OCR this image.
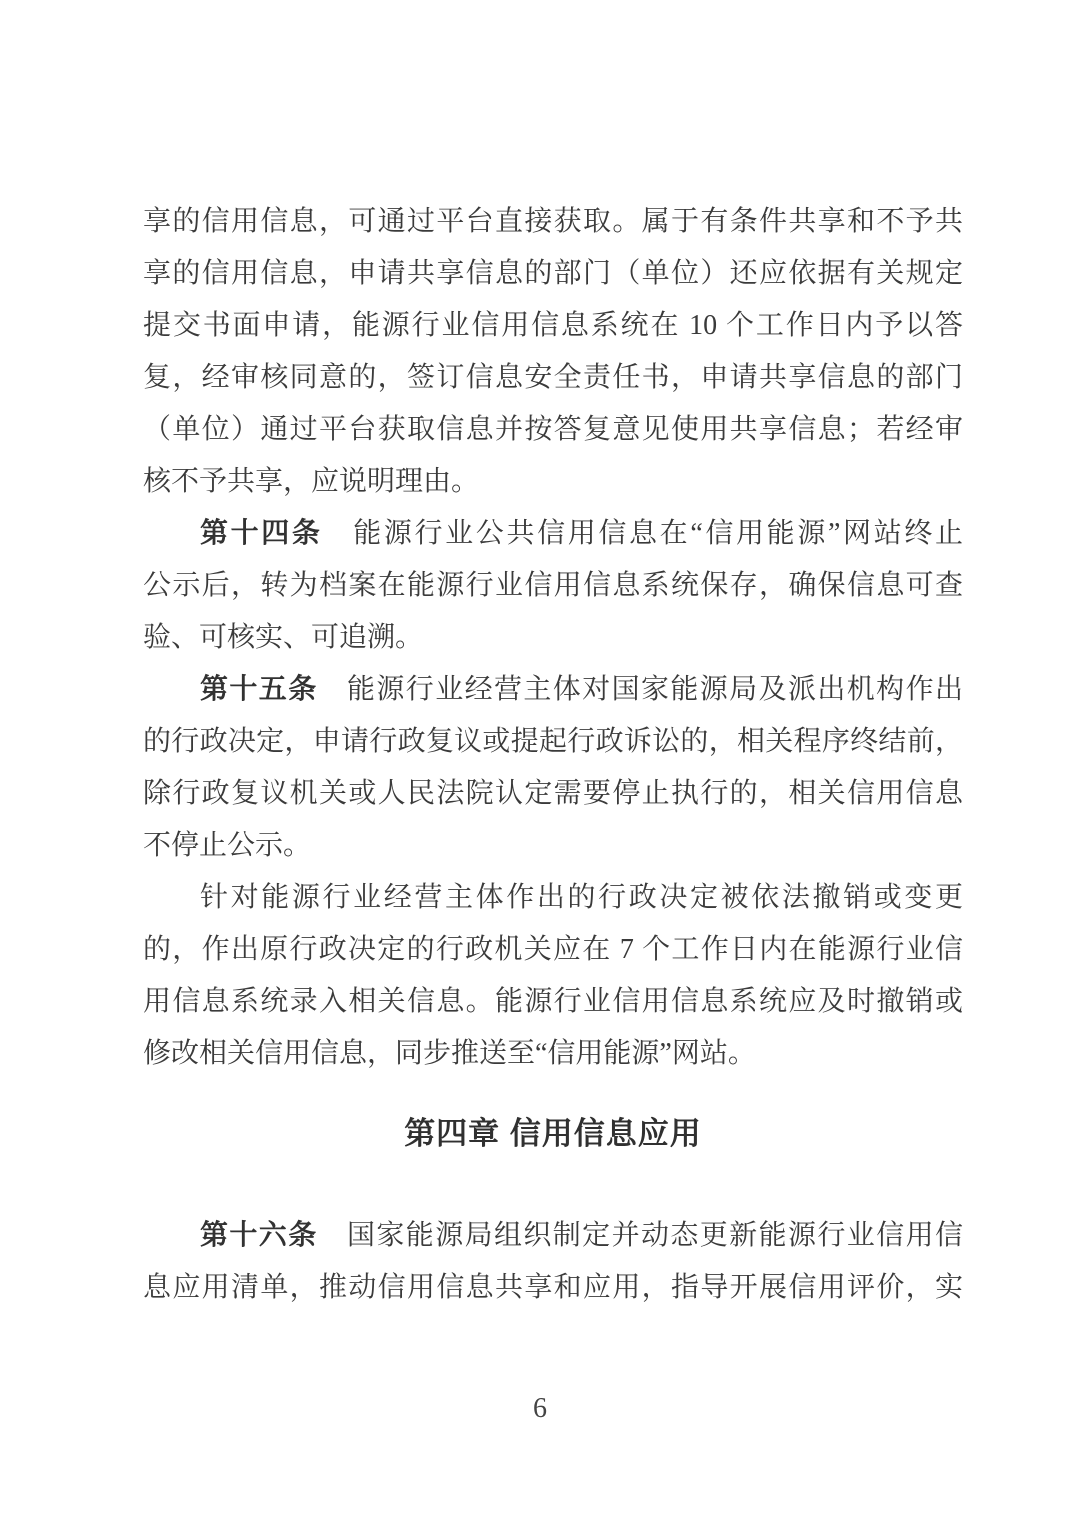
享的信用信息，可通过平台直接获取。属于有条件共享和不予共
享的信用信息，申请共享信息的部门（单位）还应依据有关规定
提交书面申请，能源行业信用信息系统在 10 个工作日内予以答
复，经审核同意的，签订信息安全责任书，申请共享信息的部门
（单位）通过平台获取信息并按答复意见使用共享信息；若经审
核不予共享，应说明理由。
第十四条　 能源行业公共信用信息在“信用能源”网站终止
公示后，转为档案在能源行业信用信息系统保存，确保信息可查
验、可核实、可追溯。
第十五条　 能源行业经营主体对国家能源局及派出机构作出
的行政决定，申请行政复议或提起行政诉讼的，相关程序终结前，
除行政复议机关或人民法院认定需要停止执行的，相关信用信息
不停止公示。
针对能源行业经营主体作出的行政决定被依法撤销或变更
的，作出原行政决定的行政机关应在 7 个工作日内在能源行业信
用信息系统录入相关信息。能源行业信用信息系统应及时撤销或
修改相关信用信息，同步推送至“信用能源”网站。
第四章 信用信息应用
第十六条　 国家能源局组织制定并动态更新能源行业信用信
息应用清单，推动信用信息共享和应用，指导开展信用评价，实
6
